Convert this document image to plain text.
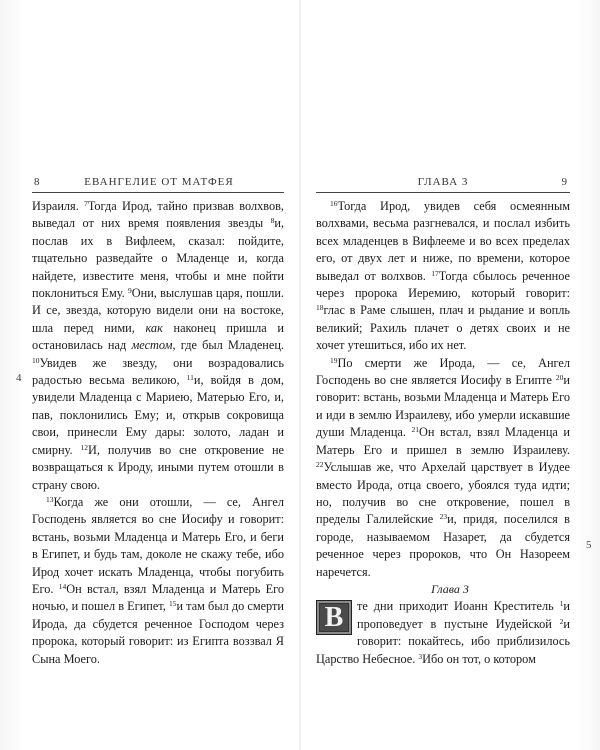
8	ЕВАНГЕЛИЕ ОТ МАТФЕЯ
4

Израиля. $^7$Тогда Ирод, тайно призвав волхвов, выведал от них время появления звезды $^8$и, послав их в Вифлеем, сказал: пойдите, тщательно разведайте о Младенце и, когда найдете, известите меня, чтобы и мне пойти поклониться Ему. $^9$Они, выслушав царя, пошли. И се, звезда, которую видели они на востоке, шла перед ними, как наконец пришла и остановилась над местом, где был Младенец. $^{10}$Увидев же звезду, они возрадовались радостью весьма великою, $^{11}$и, войдя в дом, увидели Младенца с Мариею, Матерью Его, и, пав, поклонились Ему; и, открыв сокровища свои, принесли Ему дары: золото, ладан и смирну. $^{12}$И, получив во сне откровение не возвращаться к Ироду, иными путем отошли в страну свою.

$^{13}$Когда же они отошли, — се, Ангел Господень является во сне Иосифу и говорит: встань, возьми Младенца и Матерь Его, и беги в Египет, и будь там, доколе не скажу тебе, ибо Ирод хочет искать Младенца, чтобы погубить Его. $^{14}$Он встал, взял Младенца и Матерь Его ночью, и пошел в Египет, $^{15}$и там был до смерти Ирода, да сбудется реченное Господом через пророка, который говорит: из Египта воззвал Я Сына Моего.

ГЛАВА 3	9
5

$^{16}$Тогда Ирод, увидев себя осмеянным волхвами, весьма разгневался, и послал избить всех младенцев в Вифлееме и во всех пределах его, от двух лет и ниже, по времени, которое выведал от волхвов. $^{17}$Тогда сбылось реченное через пророка Иеремию, который говорит: $^{18}$глас в Раме слышен, плач и рыдание и вопль великий; Рахиль плачет о детях своих и не хочет утешиться, ибо их нет.

$^{19}$По смерти же Ирода, — се, Ангел Господень во сне является Иосифу в Египте $^{20}$и говорит: встань, возьми Младенца и Матерь Его и иди в землю Израилеву, ибо умерли искавшие души Младенца. $^{21}$Он встал, взял Младенца и Матерь Его и пришел в землю Израилеву. $^{22}$Услышав же, что Архелай царствует в Иудее вместо Ирода, отца своего, убоялся туда идти; но, получив во сне откровение, пошел в пределы Галилейские $^{23}$и, придя, поселился в городе, называемом Назарет, да сбудется реченное через пророков, что Он Назореем наречется.

Глава 3

В	те дни приходит Иоанн Креститель $^1$и проповедует в пустыне Иудейской $^2$и говорит: покайтесь, ибо приблизилось Царство Небесное. $^3$Ибо он тот, о котором
